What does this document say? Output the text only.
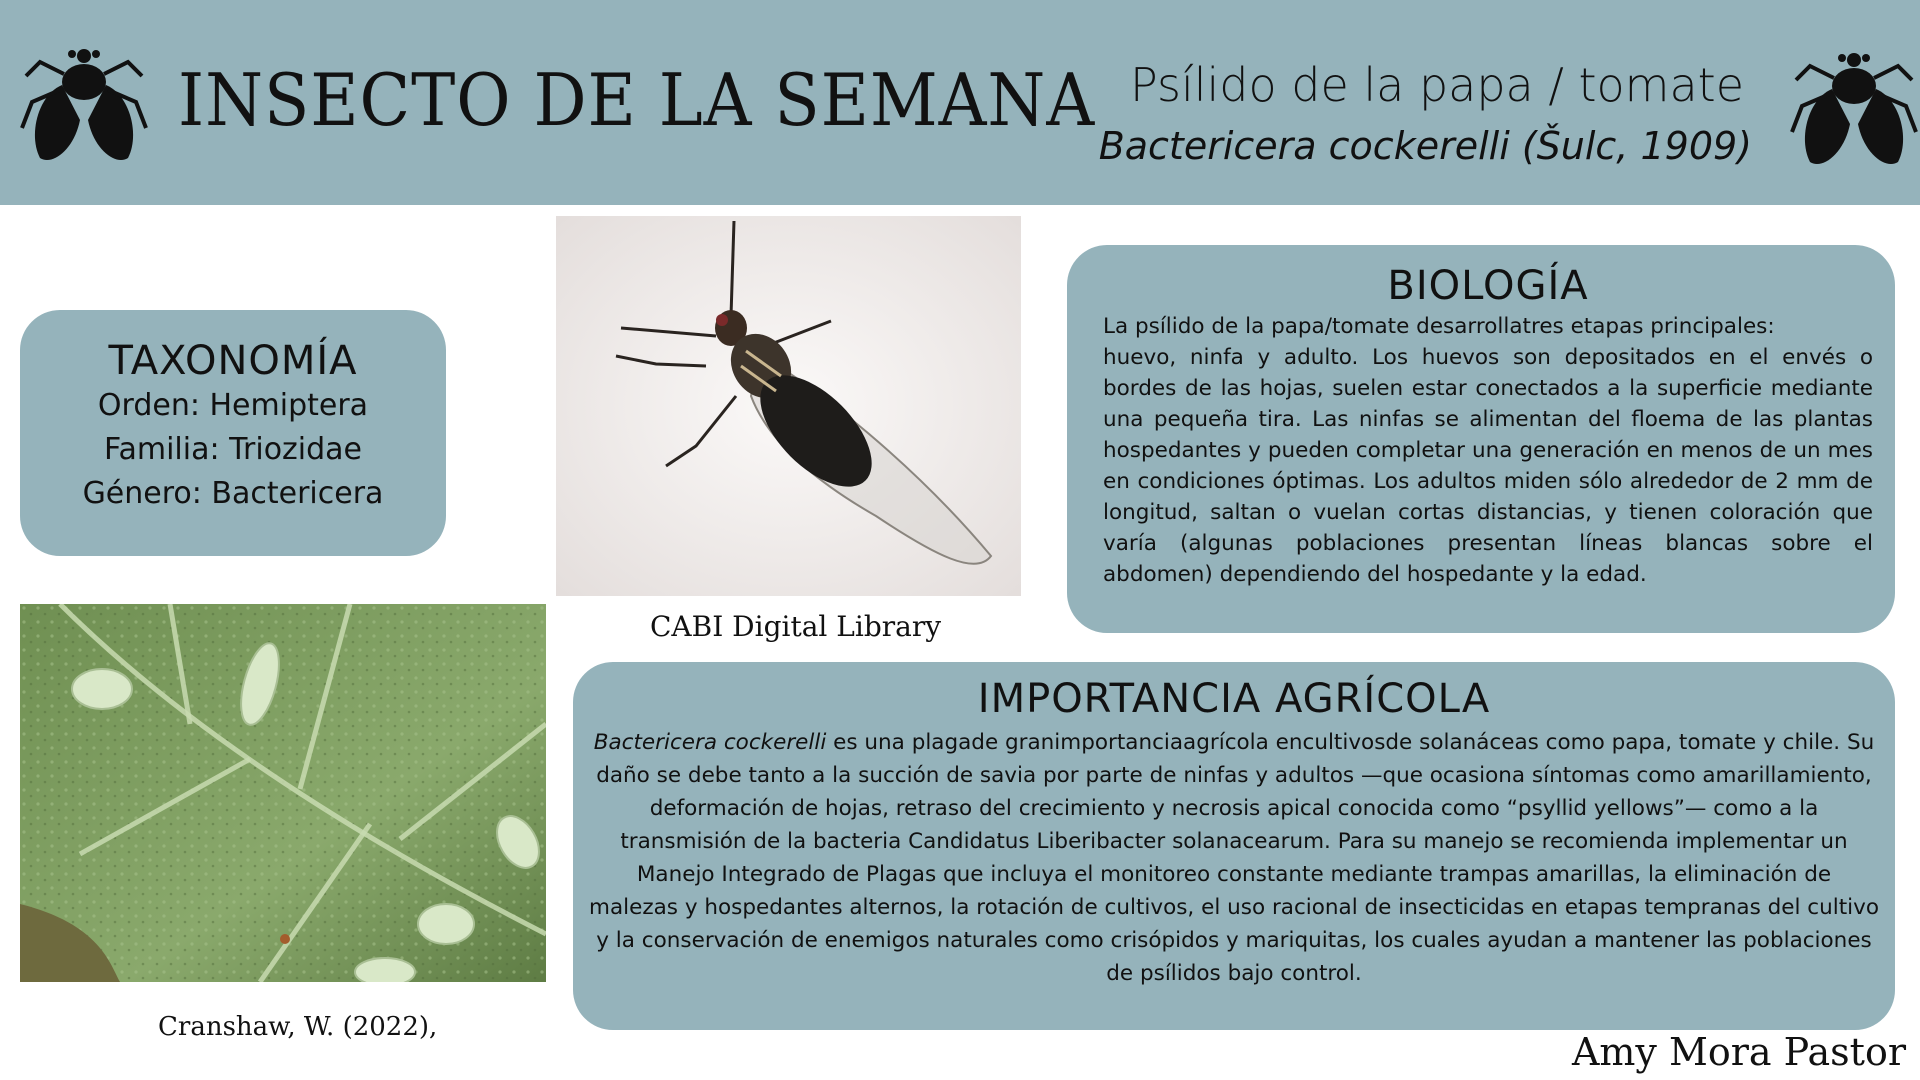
INSECTO DE LA SEMANA Psílido de la papa / tomate
Bactericera cockerelli (Šulc, 1909)
TAXONOMÍA
Orden: Hemiptera
Familia: Triozidae
Género: Bactericera
CABI Digital Library
BIOLOGÍA
La psílido de la papa/tomate desarrollatres etapas principales:
huevo, ninfa y adulto. Los huevos son depositados en el envés o bordes de las hojas, suelen estar conectados a la superficie mediante una pequeña tira. Las ninfas se alimentan del floema de las plantas hospedantes y pueden completar una generación en menos de un mes en condiciones óptimas. Los adultos miden sólo alrededor de 2 mm de longitud, saltan o vuelan cortas distancias, y tienen coloración que varía (algunas poblaciones presentan líneas blancas sobre el abdomen) dependiendo del hospedante y la edad.
Cranshaw, W. (2022),
IMPORTANCIA AGRÍCOLA
Bactericera cockerelli es una plagade granimportanciaagrícola encultivosde solanáceas como papa, tomate y chile. Su daño se debe tanto a la succión de savia por parte de ninfas y adultos —que ocasiona síntomas como amarillamiento, deformación de hojas, retraso del crecimiento y necrosis apical conocida como “psyllid yellows”— como a la transmisión de la bacteria Candidatus Liberibacter solanacearum. Para su manejo se recomienda implementar un Manejo Integrado de Plagas que incluya el monitoreo constante mediante trampas amarillas, la eliminación de malezas y hospedantes alternos, la rotación de cultivos, el uso racional de insecticidas en etapas tempranas del cultivo y la conservación de enemigos naturales como crisópidos y mariquitas, los cuales ayudan a mantener las poblaciones de psílidos bajo control.
Amy Mora Pastor
